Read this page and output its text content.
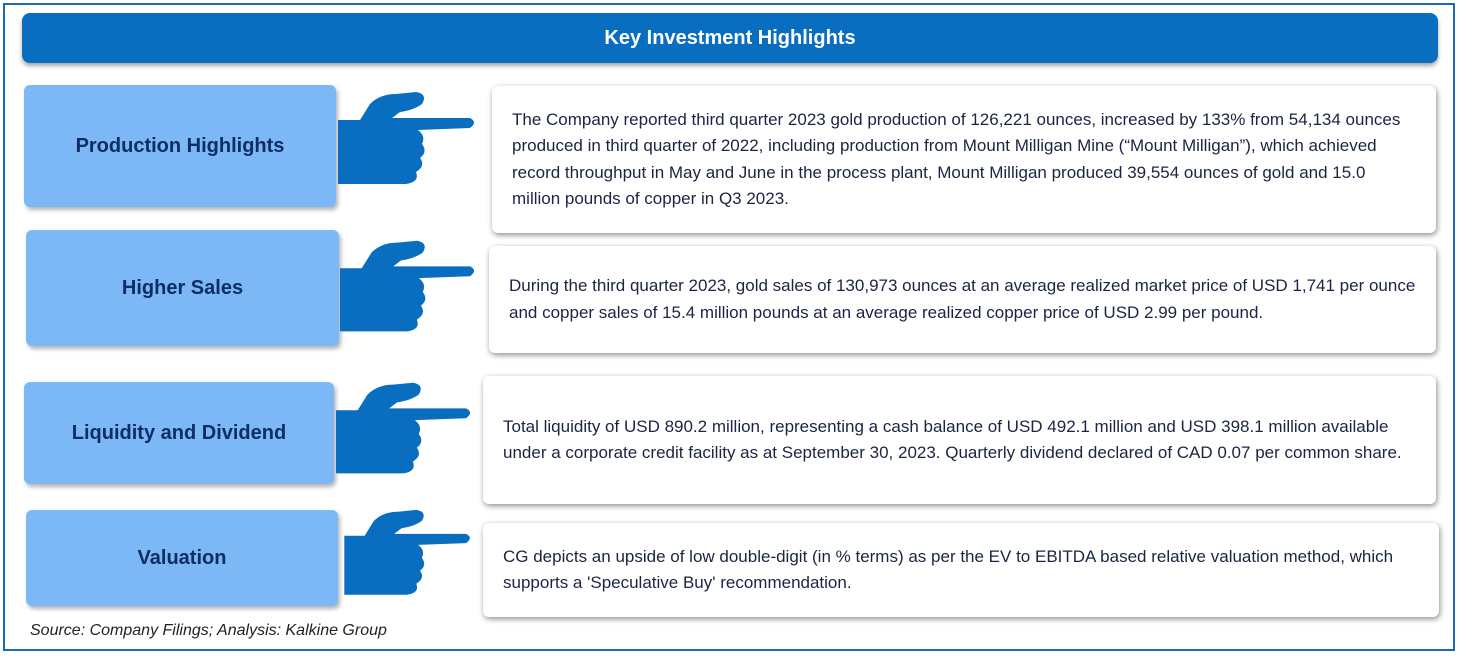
Key Investment Highlights
Production Highlights
The Company reported third quarter 2023 gold production of 126,221 ounces, increased by 133% from 54,134 ounces produced in third quarter of 2022, including production from Mount Milligan Mine (“Mount Milligan”), which achieved record throughput in May and June in the process plant, Mount Milligan produced 39,554 ounces of gold and 15.0 million pounds of copper in Q3 2023.
Higher Sales	During the third quarter 2023, gold sales of 130,973 ounces at an average realized market price of USD 1,741 per ounce and copper sales of 15.4 million pounds at an average realized copper price of USD 2.99 per pound.
Liquidity and Dividend	Total liquidity of USD 890.2 million, representing a cash balance of USD 492.1 million and USD 398.1 million available under a corporate credit facility as at September 30, 2023. Quarterly dividend declared of CAD 0.07 per common share.
Valuation	CG depicts an upside of low double-digit (in % terms) as per the EV to EBITDA based relative valuation method, which supports a 'Speculative Buy' recommendation.
Source: Company Filings; Analysis: Kalkine Group
